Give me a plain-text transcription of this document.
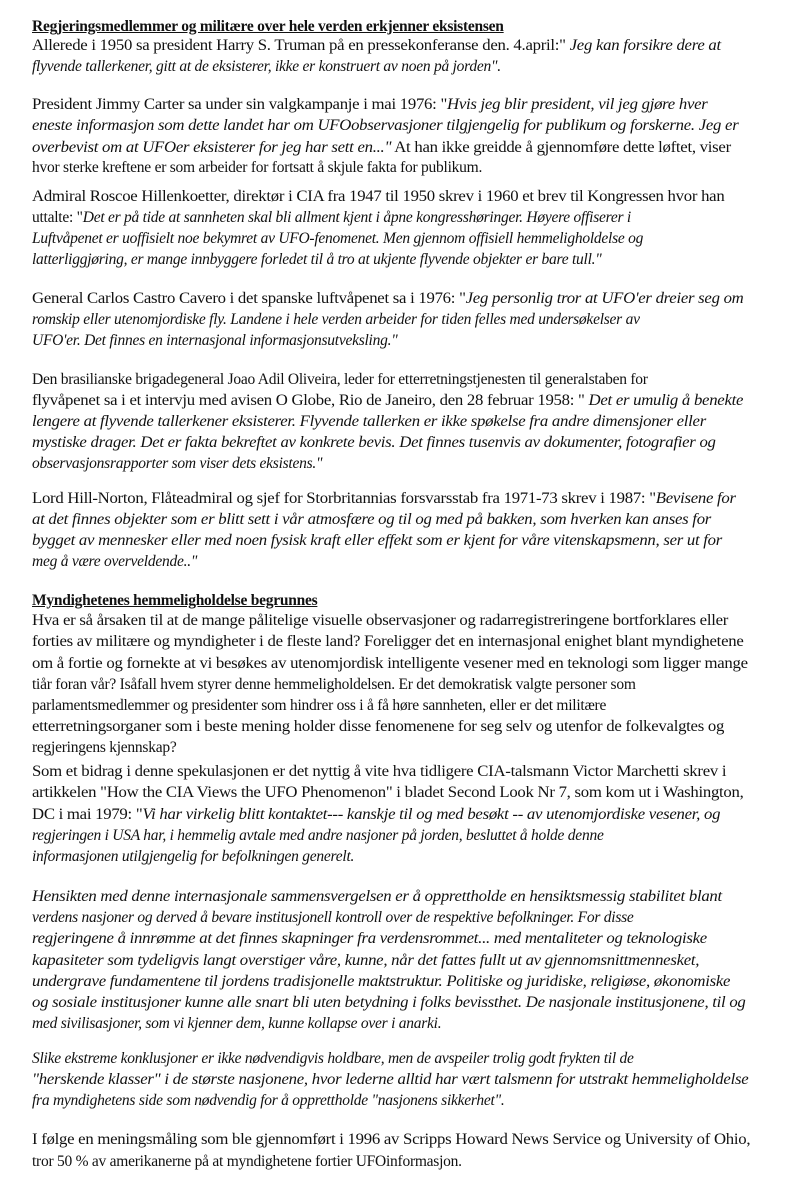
Regjeringsmedlemmer og militære over hele verden erkjenner eksistensen
Allerede i 1950 sa president Harry S. Truman på en pressekonferanse den. 4.april:" Jeg kan forsikre dere at
flyvende tallerkener, gitt at de eksisterer, ikke er konstruert av noen på jorden".
President Jimmy Carter sa under sin valgkampanje i mai 1976: "Hvis jeg blir president, vil jeg gjøre hver
eneste informasjon som dette landet har om UFOobservasjoner tilgjengelig for publikum og forskerne. Jeg er
overbevist om at UFOer eksisterer for jeg har sett en..." At han ikke greidde å gjennomføre dette løftet, viser
hvor sterke kreftene er som arbeider for fortsatt å skjule fakta for publikum.
Admiral Roscoe Hillenkoetter, direktør i CIA fra 1947 til 1950 skrev i 1960 et brev til Kongressen hvor han
uttalte: "Det er på tide at sannheten skal bli allment kjent i åpne kongresshøringer. Høyere offiserer i
Luftvåpenet er uoffisielt noe bekymret av UFO-fenomenet. Men gjennom offisiell hemmeligholdelse og
latterliggjøring, er mange innbyggere forledet til å tro at ukjente flyvende objekter er bare tull."
General Carlos Castro Cavero i det spanske luftvåpenet sa i 1976: "Jeg personlig tror at UFO'er dreier seg om
romskip eller utenomjordiske fly. Landene i hele verden arbeider for tiden felles med undersøkelser av
UFO'er. Det finnes en internasjonal informasjonsutveksling."
Den brasilianske brigadegeneral Joao Adil Oliveira, leder for etterretningstjenesten til generalstaben for
flyvåpenet sa i et intervju med avisen O Globe, Rio de Janeiro, den 28 februar 1958: " Det er umulig å benekte
lengere at flyvende tallerkener eksisterer. Flyvende tallerken er ikke spøkelse fra andre dimensjoner eller
mystiske drager. Det er fakta bekreftet av konkrete bevis. Det finnes tusenvis av dokumenter, fotografier og
observasjonsrapporter som viser dets eksistens."
Lord Hill-Norton, Flåteadmiral og sjef for Storbritannias forsvarsstab fra 1971-73 skrev i 1987: "Bevisene for
at det finnes objekter som er blitt sett i vår atmosfære og til og med på bakken, som hverken kan anses for
bygget av mennesker eller med noen fysisk kraft eller effekt som er kjent for våre vitenskapsmenn, ser ut for
meg å være overveldende.."
Myndighetenes hemmeligholdelse begrunnes
Hva er så årsaken til at de mange pålitelige visuelle observasjoner og radarregistreringene bortforklares eller
forties av militære og myndigheter i de fleste land? Foreligger det en internasjonal enighet blant myndighetene
om å fortie og fornekte at vi besøkes av utenomjordisk intelligente vesener med en teknologi som ligger mange
tiår foran vår? Isåfall hvem styrer denne hemmeligholdelsen. Er det demokratisk valgte personer som
parlamentsmedlemmer og presidenter som hindrer oss i å få høre sannheten, eller er det militære
etterretningsorganer som i beste mening holder disse fenomenene for seg selv og utenfor de folkevalgtes og
regjeringens kjennskap?
Som et bidrag i denne spekulasjonen er det nyttig å vite hva tidligere CIA-talsmann Victor Marchetti skrev i
artikkelen "How the CIA Views the UFO Phenomenon" i bladet Second Look Nr 7, som kom ut i Washington,
DC i mai 1979: "Vi har virkelig blitt kontaktet--- kanskje til og med besøkt -- av utenomjordiske vesener, og
regjeringen i USA har, i hemmelig avtale med andre nasjoner på jorden, besluttet å holde denne
informasjonen utilgjengelig for befolkningen generelt.
Hensikten med denne internasjonale sammensvergelsen er å opprettholde en hensiktsmessig stabilitet blant
verdens nasjoner og derved å bevare institusjonell kontroll over de respektive befolkninger. For disse
regjeringene å innrømme at det finnes skapninger fra verdensrommet... med mentaliteter og teknologiske
kapasiteter som tydeligvis langt overstiger våre, kunne, når det fattes fullt ut av gjennomsnittmennesket,
undergrave fundamentene til jordens tradisjonelle maktstruktur. Politiske og juridiske, religiøse, økonomiske
og sosiale institusjoner kunne alle snart bli uten betydning i folks bevissthet. De nasjonale institusjonene, til og
med sivilisasjoner, som vi kjenner dem, kunne kollapse over i anarki.
Slike ekstreme konklusjoner er ikke nødvendigvis holdbare, men de avspeiler trolig godt frykten til de
"herskende klasser" i de største nasjonene, hvor lederne alltid har vært talsmenn for utstrakt hemmeligholdelse
fra myndighetens side som nødvendig for å opprettholde "nasjonens sikkerhet".
I følge en meningsmåling som ble gjennomført i 1996 av Scripps Howard News Service og University of Ohio,
tror 50 % av amerikanerne på at myndighetene fortier UFOinformasjon.
